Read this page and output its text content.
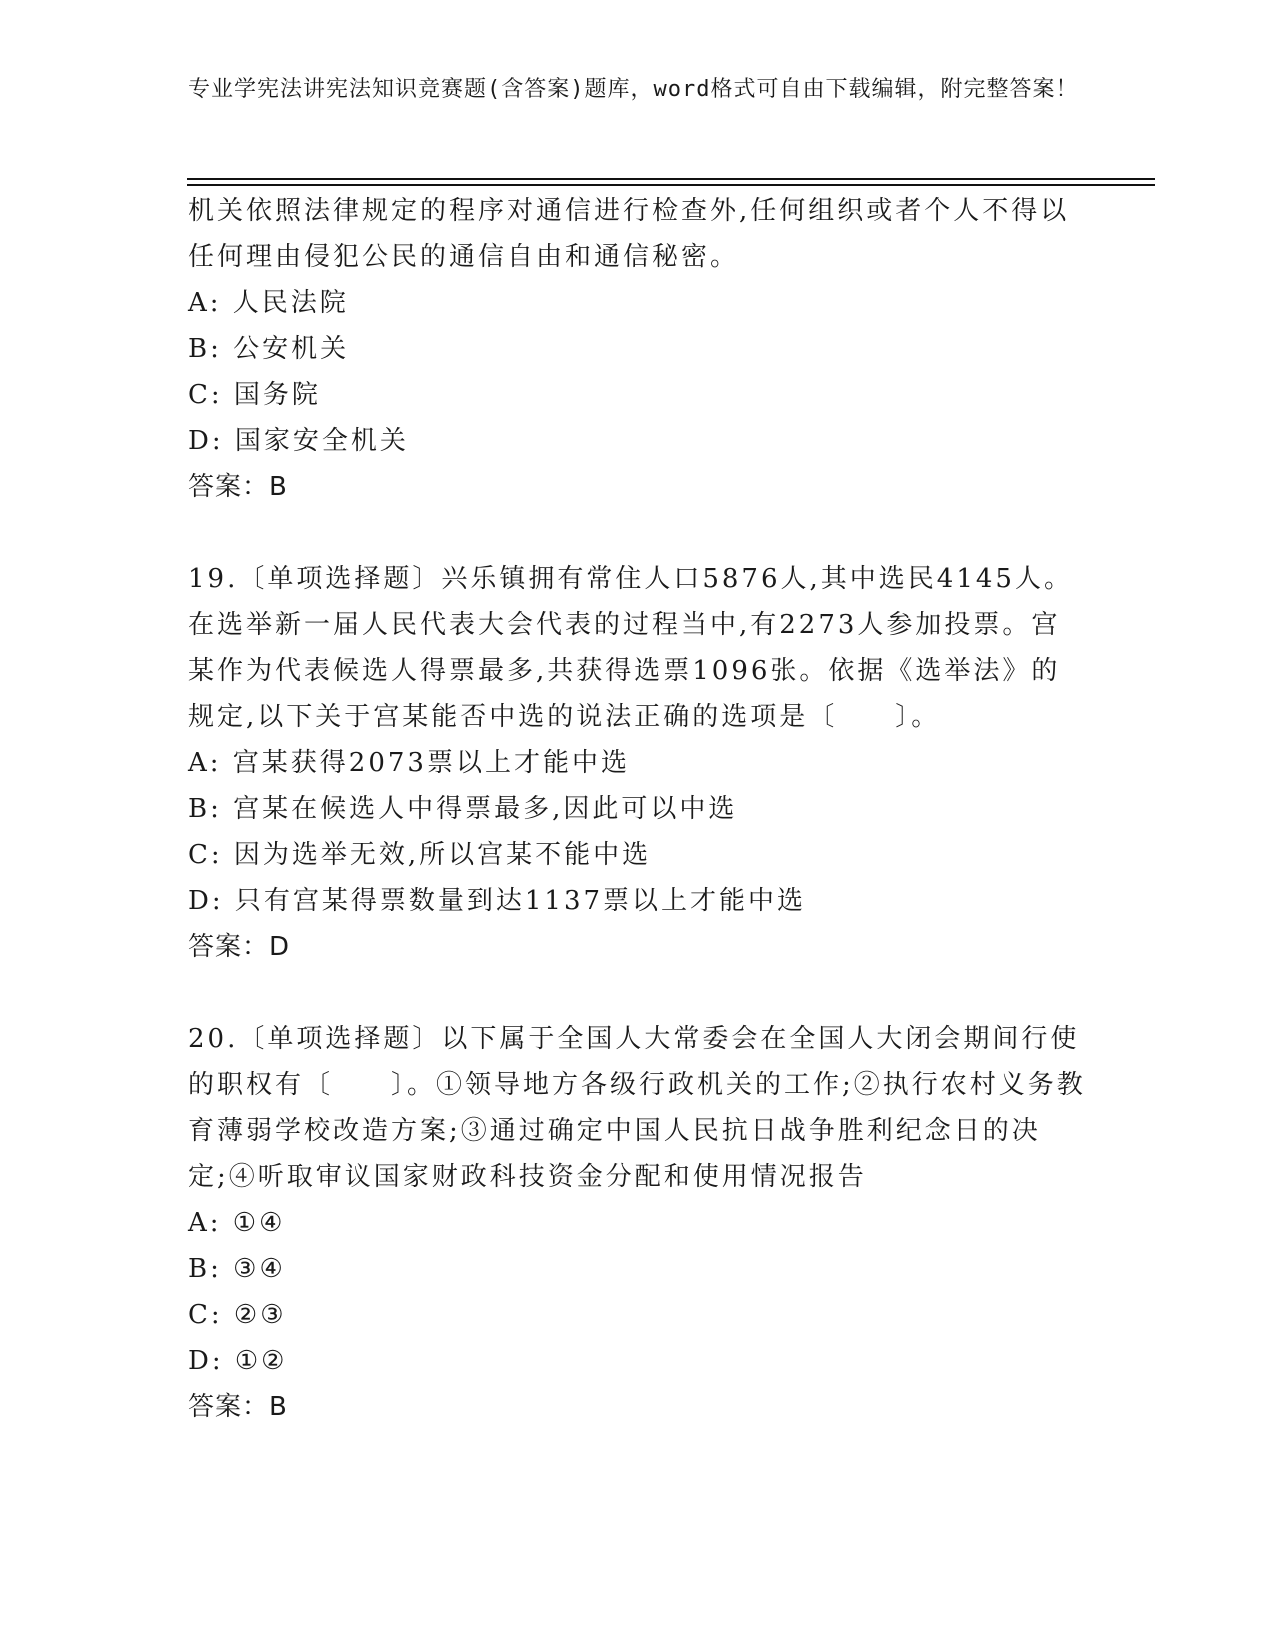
专业学宪法讲宪法知识竞赛题(含答案)题库，word格式可自由下载编辑，附完整答案！

机关依照法律规定的程序对通信进行检查外,任何组织或者个人不得以任何理由侵犯公民的通信自由和通信秘密。

A: 人民法院

B: 公安机关

C: 国务院

D: 国家安全机关

答案：B

19.〔单项选择题〕兴乐镇拥有常住人口5876人,其中选民4145人。在选举新一届人民代表大会代表的过程当中,有2273人参加投票。宫某作为代表候选人得票最多,共获得选票1096张。依据《选举法》的规定,以下关于宫某能否中选的说法正确的选项是〔　　〕。

A: 宫某获得2073票以上才能中选

B: 宫某在候选人中得票最多,因此可以中选

C: 因为选举无效,所以宫某不能中选

D: 只有宫某得票数量到达1137票以上才能中选

答案：D

20.〔单项选择题〕以下属于全国人大常委会在全国人大闭会期间行使的职权有〔　　〕。①领导地方各级行政机关的工作;②执行农村义务教育薄弱学校改造方案;③通过确定中国人民抗日战争胜利纪念日的决定;④听取审议国家财政科技资金分配和使用情况报告

A: ①④

B: ③④

C: ②③

D: ①②

答案：B
